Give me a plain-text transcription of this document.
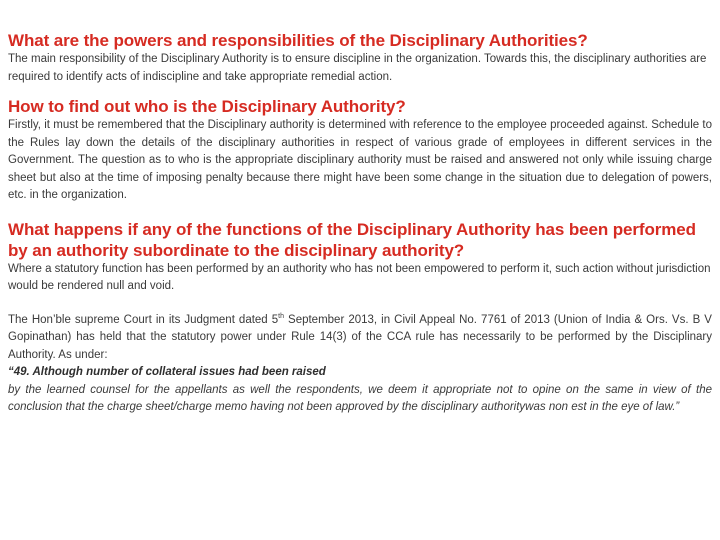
What are the powers and responsibilities of the Disciplinary Authorities?

The main responsibility of the Disciplinary Authority is to ensure discipline in the organization. Towards this, the disciplinary authorities are required to identify acts of indiscipline and take appropriate remedial action.

How to find out who is the Disciplinary Authority?

Firstly, it must be remembered that the Disciplinary authority is determined with reference to the employee proceeded against. Schedule to the Rules lay down the details of the disciplinary authorities in respect of various grade of employees in different services in the Government. The question as to who is the appropriate disciplinary authority must be raised and answered not only while issuing charge sheet but also at the time of imposing penalty because there might have been some change in the situation due to delegation of powers, etc. in the organization.

What happens if any of the functions of the Disciplinary Authority has been performed by an authority subordinate to the disciplinary authority?

Where a statutory function has been performed by an authority who has not been empowered to perform it, such action without jurisdiction would be rendered null and void.

The Hon’ble supreme Court in its Judgment dated 5th September 2013, in Civil Appeal No. 7761 of 2013 (Union of India & Ors. Vs. B V Gopinathan) has held that the statutory power under Rule 14(3) of the CCA rule has necessarily to be performed by the Disciplinary Authority. As under:

“49. Although number of collateral issues had been raised

by the learned counsel for the appellants as well the respondents, we deem it appropriate not to opine on the same in view of the conclusion that the charge sheet/charge memo having not been approved by the disciplinary authoritywas non est in the eye of law.”
